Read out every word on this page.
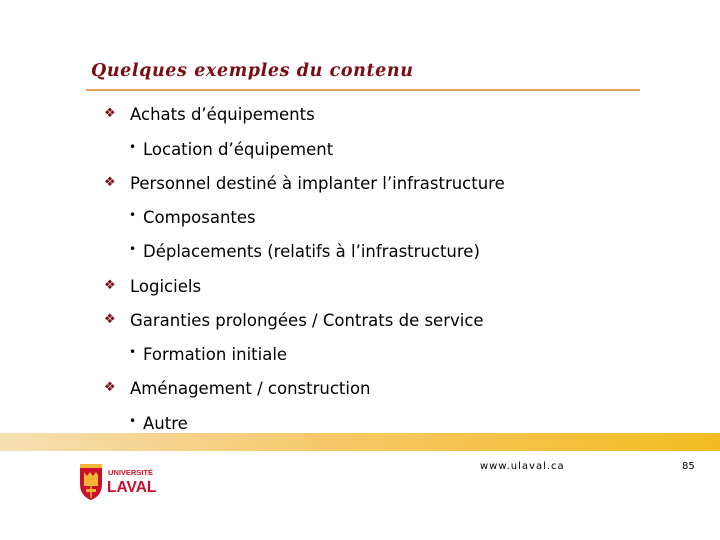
Quelques exemples du contenu
❖ Achats d’équipements
• Location d’équipement
❖ Personnel destiné à implanter l’infrastructure
• Composantes
• Déplacements (relatifs à l’infrastructure)
❖ Logiciels
❖ Garanties prolongées / Contrats de service
• Formation initiale
❖ Aménagement / construction
• Autre
UNIVERSITÉ
LAVAL
www.ulaval.ca	85
